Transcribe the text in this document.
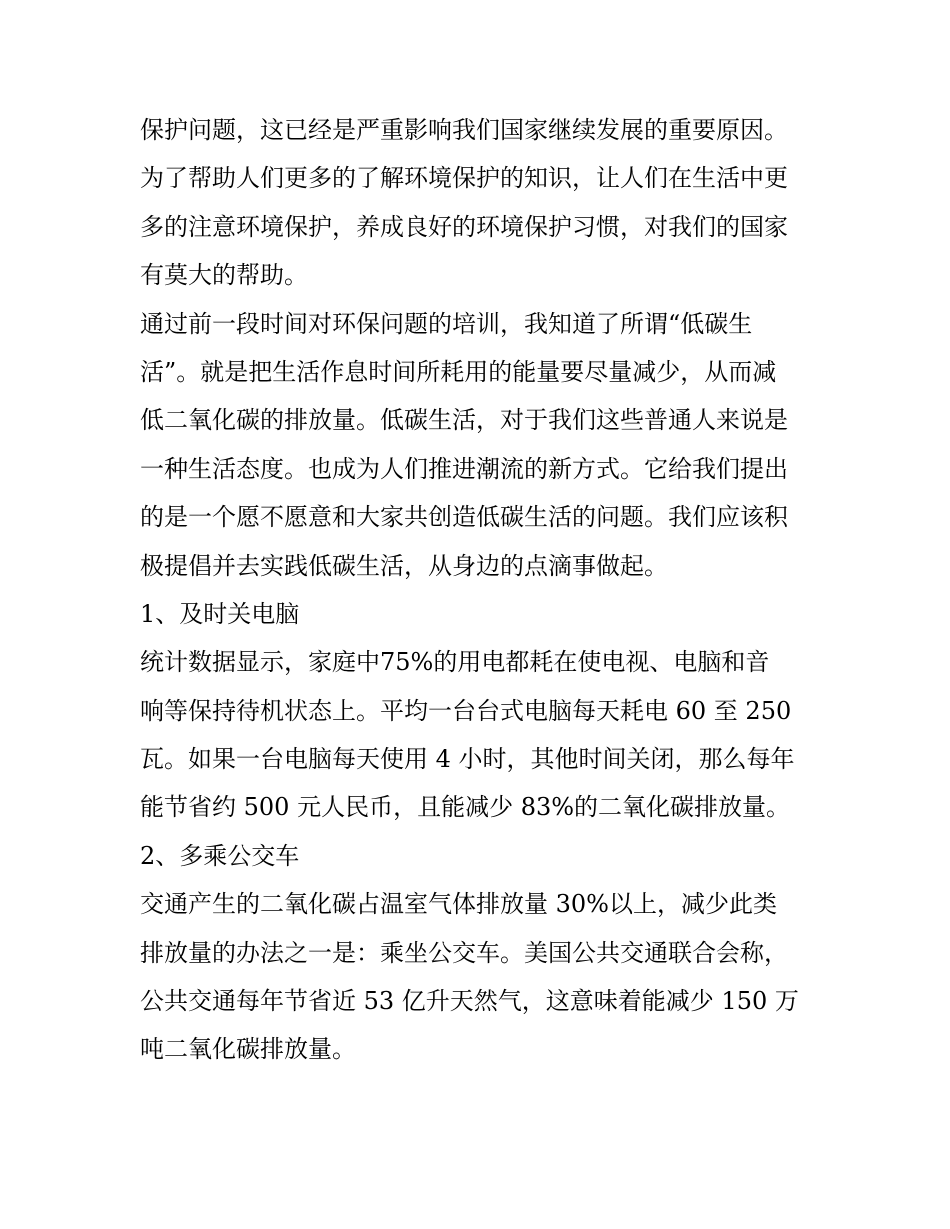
保护问题，这已经是严重影响我们国家继续发展的重要原因。
为了帮助人们更多的了解环境保护的知识，让人们在生活中更
多的注意环境保护，养成良好的环境保护习惯，对我们的国家
有莫大的帮助。

通过前一段时间对环保问题的培训，我知道了所谓“低碳生
活”。就是把生活作息时间所耗用的能量要尽量减少，从而减
低二氧化碳的排放量。低碳生活，对于我们这些普通人来说是
一种生活态度。也成为人们推进潮流的新方式。它给我们提出
的是一个愿不愿意和大家共创造低碳生活的问题。我们应该积
极提倡并去实践低碳生活，从身边的点滴事做起。

1、及时关电脑

统计数据显示，家庭中75%的用电都耗在使电视、电脑和音
响等保持待机状态上。平均一台台式电脑每天耗电 60 至 250
瓦。如果一台电脑每天使用 4 小时，其他时间关闭，那么每年
能节省约 500 元人民币，且能减少 83%的二氧化碳排放量。

2、多乘公交车

交通产生的二氧化碳占温室气体排放量 30%以上，减少此类
排放量的办法之一是：乘坐公交车。美国公共交通联合会称，
公共交通每年节省近 53 亿升天然气，这意味着能减少 150 万
吨二氧化碳排放量。
